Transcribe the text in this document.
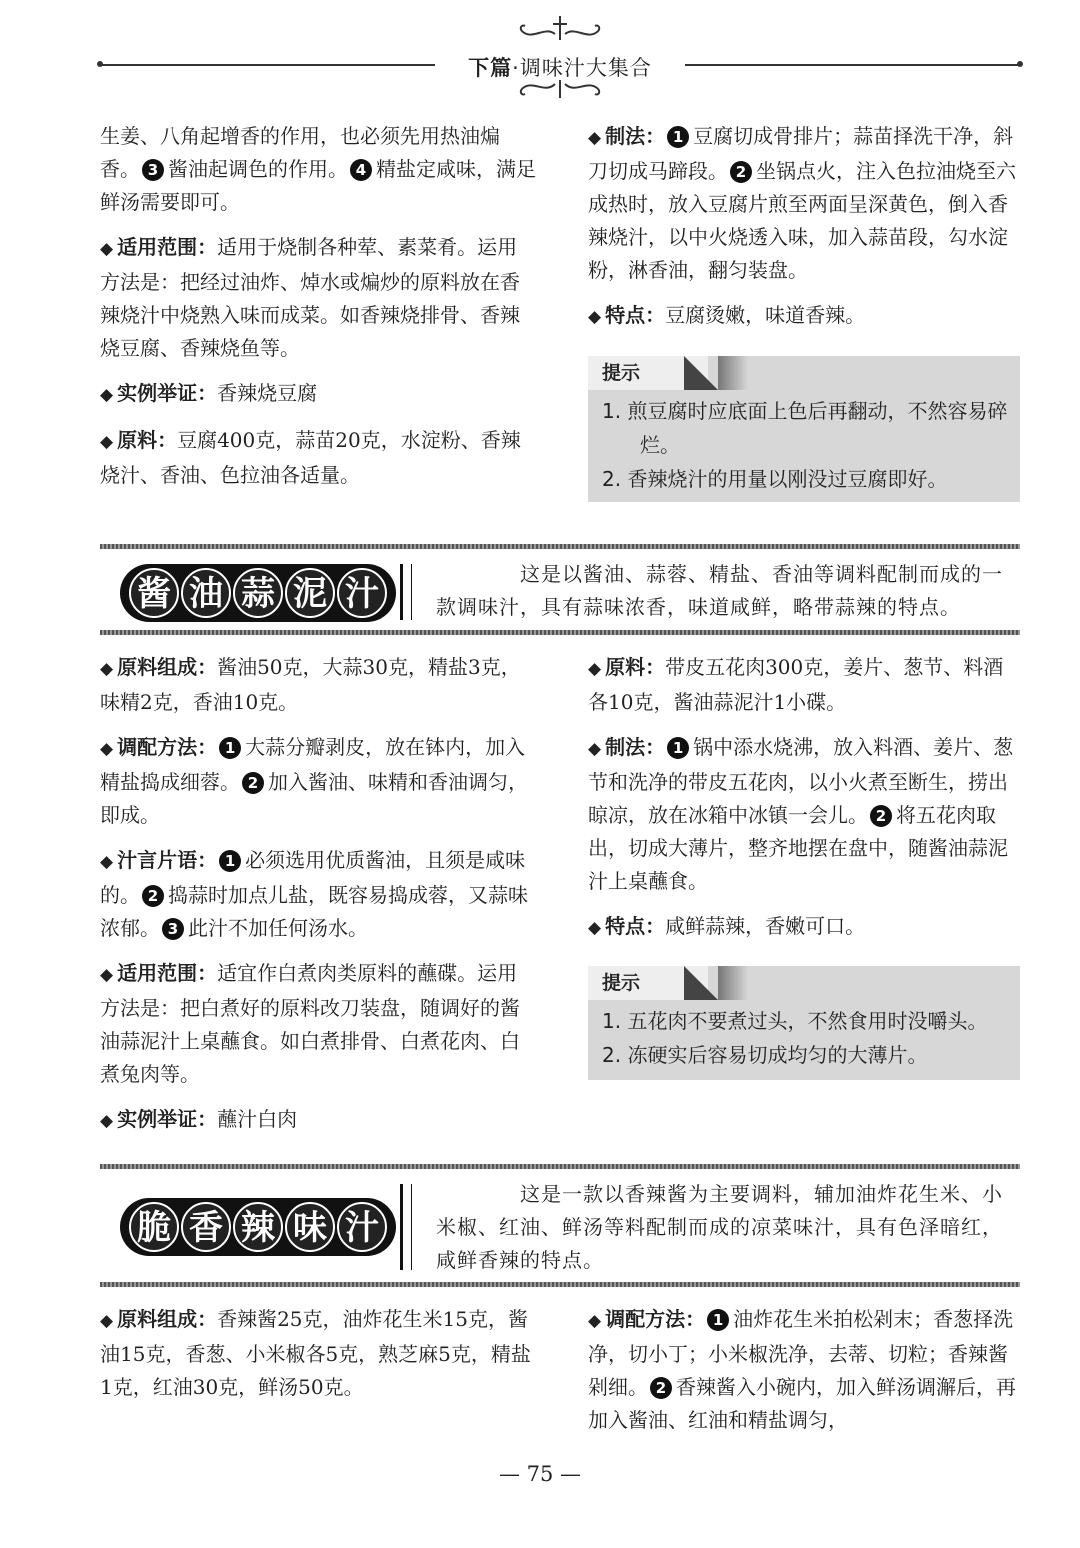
下篇·调味汁大集合

生姜、八角起增香的作用，也必须先用热油煸香。 3 酱油起调色的作用。 4 精盐定咸味，满足鲜汤需要即可。

◆ 适用范围：适用于烧制各种荤、素菜肴。运用方法是：把经过油炸、焯水或煸炒的原料放在香辣烧汁中烧熟入味而成菜。如香辣烧排骨、香辣烧豆腐、香辣烧鱼等。

◆ 实例举证：香辣烧豆腐

◆ 原料：豆腐400克，蒜苗20克，水淀粉、香辣烧汁、香油、色拉油各适量。

◆ 制法： 1 豆腐切成骨排片；蒜苗择洗干净，斜刀切成马蹄段。 2 坐锅点火，注入色拉油烧至六成热时，放入豆腐片煎至两面呈深黄色，倒入香辣烧汁，以中火烧透入味，加入蒜苗段，勾水淀粉，淋香油，翻匀装盘。

◆ 特点：豆腐烫嫩，味道香辣。

提示
1. 煎豆腐时应底面上色后再翻动，不然容易碎烂。
2. 香辣烧汁的用量以刚没过豆腐即好。
酱 油 蒜 泥 汁	　　　　这是以酱油、蒜蓉、精盐、香油等调料配制而成的一款调味汁，具有蒜味浓香，味道咸鲜，略带蒜辣的特点。

◆ 原料组成：酱油50克，大蒜30克，精盐3克，味精2克，香油10克。

◆ 调配方法： 1 大蒜分瓣剥皮，放在钵内，加入精盐捣成细蓉。 2 加入酱油、味精和香油调匀，即成。

◆ 汁言片语： 1 必须选用优质酱油，且须是咸味的。 2 捣蒜时加点儿盐，既容易捣成蓉，又蒜味浓郁。 3 此汁不加任何汤水。

◆ 适用范围：适宜作白煮肉类原料的蘸碟。运用方法是：把白煮好的原料改刀装盘，随调好的酱油蒜泥汁上桌蘸食。如白煮排骨、白煮花肉、白煮兔肉等。

◆ 实例举证：蘸汁白肉

◆ 原料：带皮五花肉300克，姜片、葱节、料酒各10克，酱油蒜泥汁1小碟。

◆ 制法： 1 锅中添水烧沸，放入料酒、姜片、葱节和洗净的带皮五花肉，以小火煮至断生，捞出晾凉，放在冰箱中冰镇一会儿。 2 将五花肉取出，切成大薄片，整齐地摆在盘中，随酱油蒜泥汁上桌蘸食。

◆ 特点：咸鲜蒜辣，香嫩可口。

提示
1. 五花肉不要煮过头，不然食用时没嚼头。
2. 冻硬实后容易切成均匀的大薄片。
脆 香 辣 味 汁
　　　　这是一款以香辣酱为主要调料，辅加油炸花生米、小米椒、红油、鲜汤等料配制而成的凉菜味汁，具有色泽暗红，咸鲜香辣的特点。

◆ 原料组成：香辣酱25克，油炸花生米15克，酱油15克，香葱、小米椒各5克，熟芝麻5克，精盐1克，红油30克，鲜汤50克。

◆ 调配方法： 1 油炸花生米拍松剁末；香葱择洗净，切小丁；小米椒洗净，去蒂、切粒；香辣酱剁细。 2 香辣酱入小碗内，加入鲜汤调澥后，再加入酱油、红油和精盐调匀，

— 75 —
